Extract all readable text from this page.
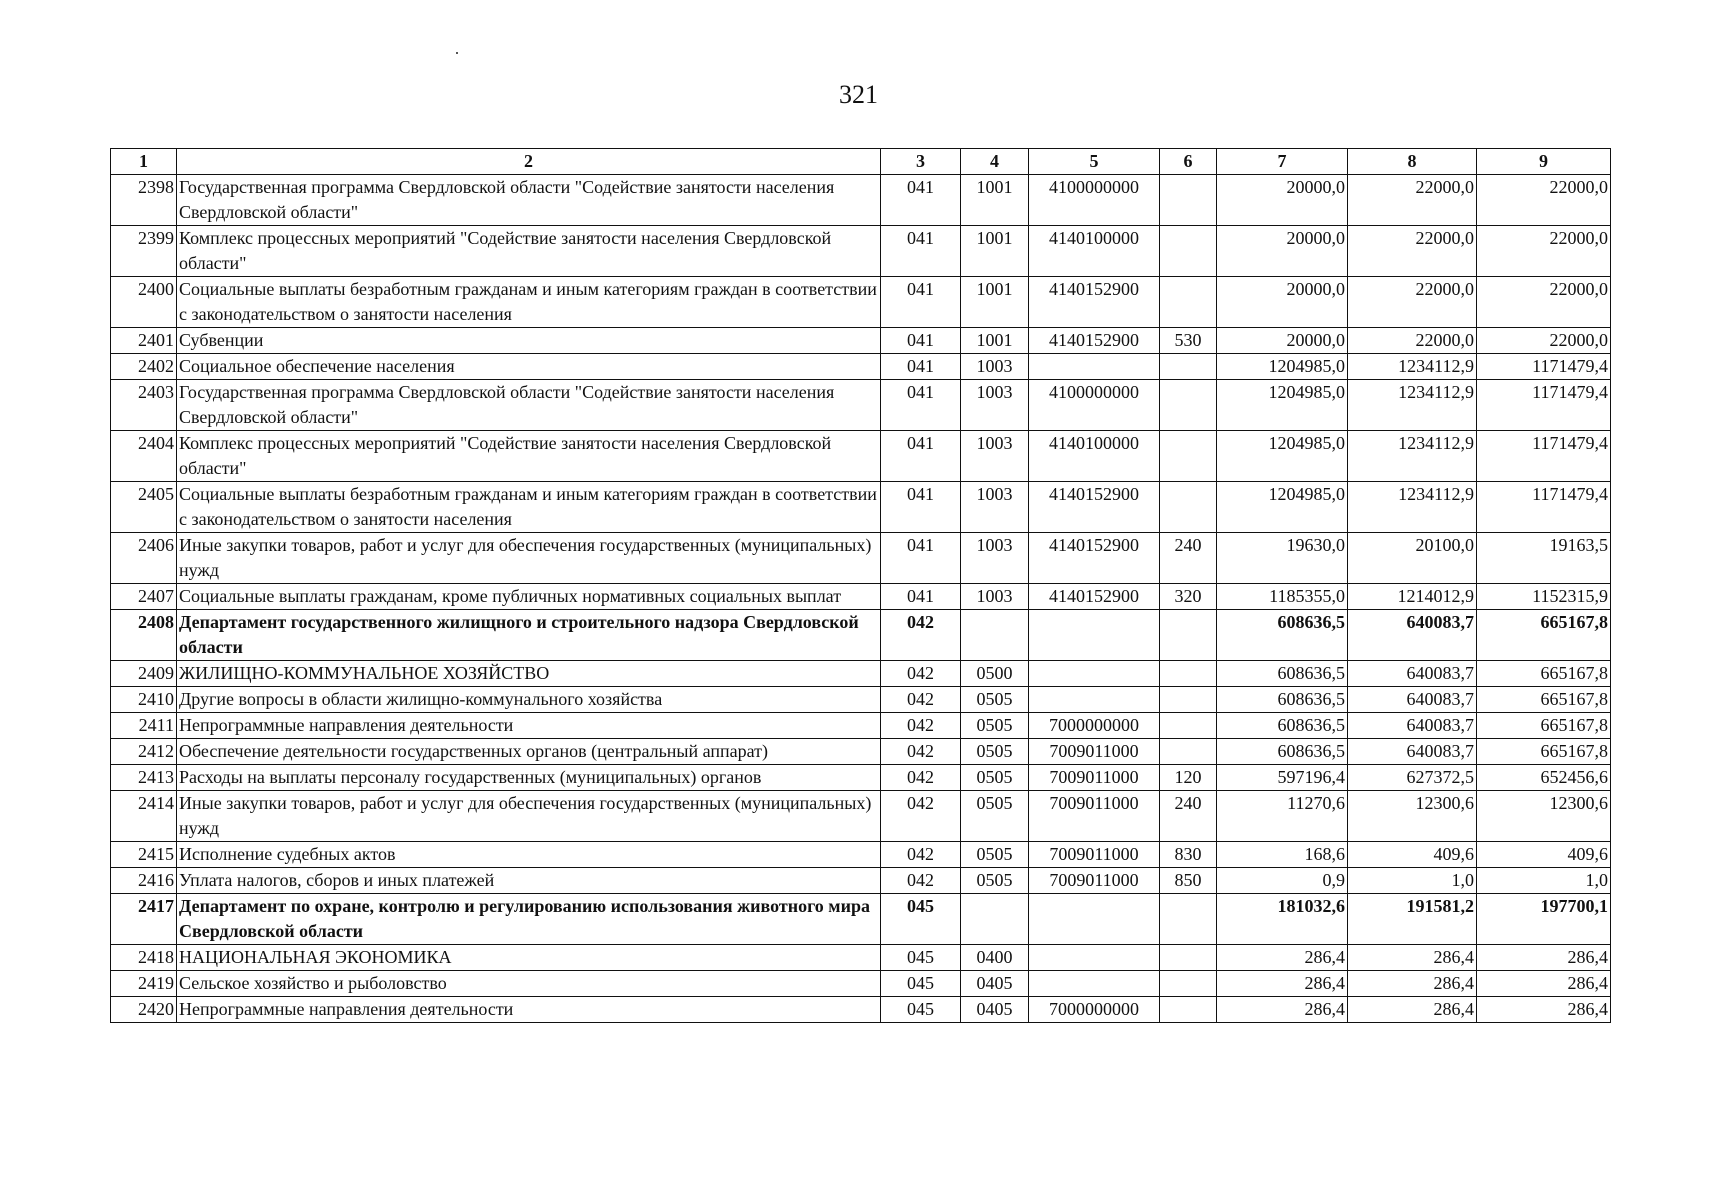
321
1	2	3	4	5	6	7	8	9
2398	Государственная программа Свердловской области "Содействие занятости населения Свердловской области"	041	1001	4100000000		20000,0	22000,0	22000,0
2399	Комплекс процессных мероприятий "Содействие занятости населения Свердловской области"	041	1001	4140100000		20000,0	22000,0	22000,0
2400	Социальные выплаты безработным гражданам и иным категориям граждан в соответствии с законодательством о занятости населения	041	1001	4140152900		20000,0	22000,0	22000,0
2401	Субвенции	041	1001	4140152900	530	20000,0	22000,0	22000,0
2402	Социальное обеспечение населения	041	1003			1204985,0	1234112,9	1171479,4
2403	Государственная программа Свердловской области "Содействие занятости населения Свердловской области"	041	1003	4100000000		1204985,0	1234112,9	1171479,4
2404	Комплекс процессных мероприятий "Содействие занятости населения Свердловской области"	041	1003	4140100000		1204985,0	1234112,9	1171479,4
2405	Социальные выплаты безработным гражданам и иным категориям граждан в соответствии с законодательством о занятости населения	041	1003	4140152900		1204985,0	1234112,9	1171479,4
2406	Иные закупки товаров, работ и услуг для обеспечения государственных (муниципальных) нужд	041	1003	4140152900	240	19630,0	20100,0	19163,5
2407	Социальные выплаты гражданам, кроме публичных нормативных социальных выплат	041	1003	4140152900	320	1185355,0	1214012,9	1152315,9
2408	Департамент государственного жилищного и строительного надзора Свердловской области	042				608636,5	640083,7	665167,8
2409	ЖИЛИЩНО-КОММУНАЛЬНОЕ ХОЗЯЙСТВО	042	0500			608636,5	640083,7	665167,8
2410	Другие вопросы в области жилищно-коммунального хозяйства	042	0505			608636,5	640083,7	665167,8
2411	Непрограммные направления деятельности	042	0505	7000000000		608636,5	640083,7	665167,8
2412	Обеспечение деятельности государственных органов (центральный аппарат)	042	0505	7009011000		608636,5	640083,7	665167,8
2413	Расходы на выплаты персоналу государственных (муниципальных) органов	042	0505	7009011000	120	597196,4	627372,5	652456,6
2414	Иные закупки товаров, работ и услуг для обеспечения государственных (муниципальных) нужд	042	0505	7009011000	240	11270,6	12300,6	12300,6
2415	Исполнение судебных актов	042	0505	7009011000	830	168,6	409,6	409,6
2416	Уплата налогов, сборов и иных платежей	042	0505	7009011000	850	0,9	1,0	1,0
2417	Департамент по охране, контролю и регулированию использования животного мира Свердловской области	045				181032,6	191581,2	197700,1
2418	НАЦИОНАЛЬНАЯ ЭКОНОМИКА	045	0400			286,4	286,4	286,4
2419	Сельское хозяйство и рыболовство	045	0405			286,4	286,4	286,4
2420	Непрограммные направления деятельности	045	0405	7000000000		286,4	286,4	286,4
